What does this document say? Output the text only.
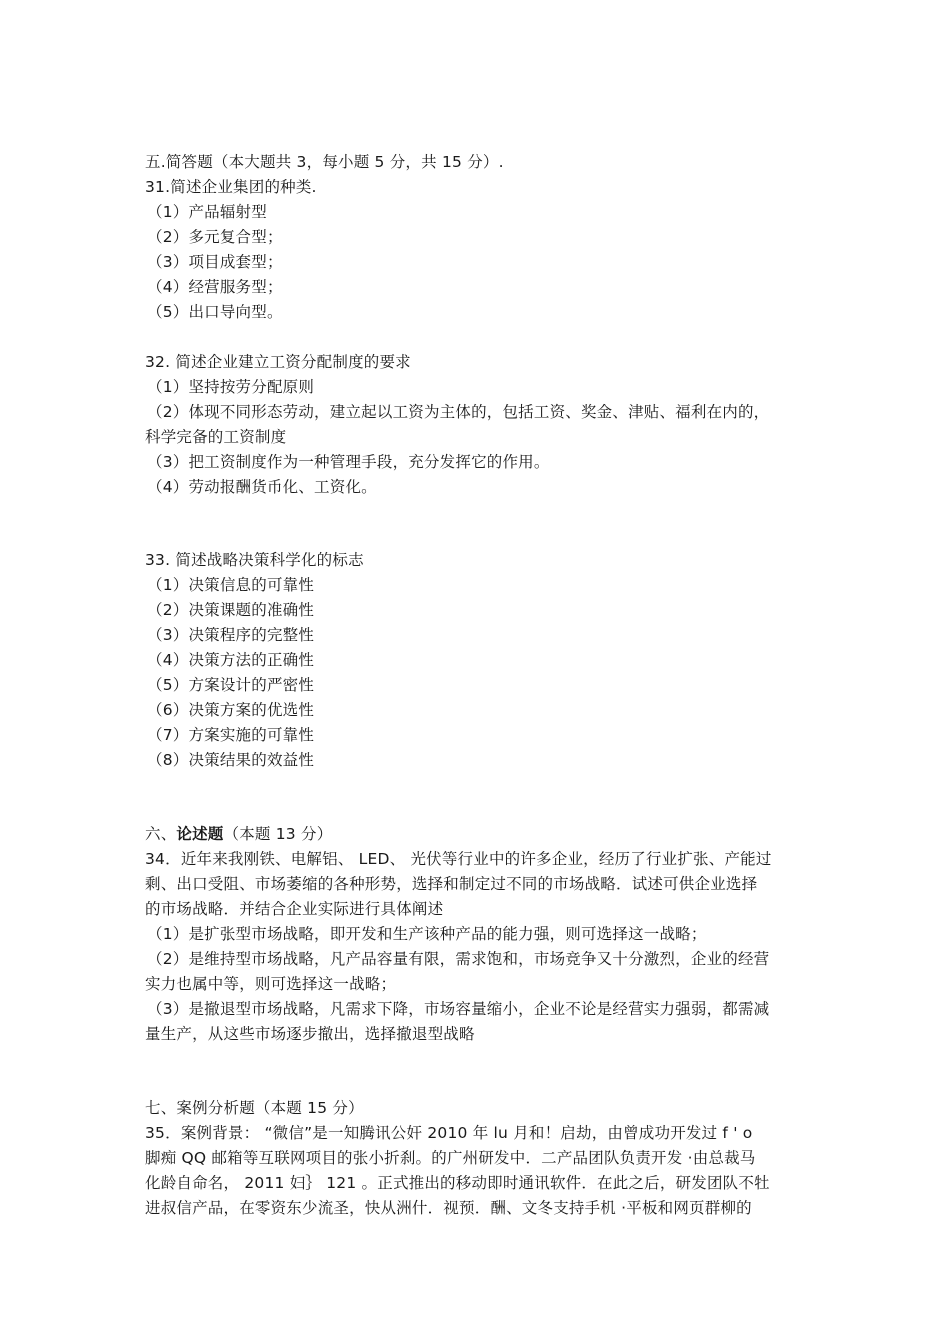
五.简答题（本大题共 3，每小题 5 分，共 15 分）.
31.简述企业集团的种类.
（1）产品辐射型
（2）多元复合型；
（3）项目成套型；
（4）经营服务型；
（5）出口导向型。
32. 简述企业建立工资分配制度的要求
（1）坚持按劳分配原则
（2）体现不同形态劳动，建立起以工资为主体的，包括工资、奖金、津贴、福利在内的，
科学完备的工资制度
（3）把工资制度作为一种管理手段，充分发挥它的作用。
（4）劳动报酬货币化、工资化。
33. 简述战略决策科学化的标志
（1）决策信息的可靠性
（2）决策课题的准确性
（3）决策程序的完整性
（4）决策方法的正确性
（5）方案设计的严密性
（6）决策方案的优选性
（7）方案实施的可靠性
（8）决策结果的效益性
六、论述题（本题 13 分）
34．近年来我刚铁、电解铝、 LED、 光伏等行业中的许多企业，经历了行业扩张、产能过
剩、出口受阻、市场萎缩的各种形势，选择和制定过不同的市场战略．试述可供企业选择
的市场战略．并结合企业实际进行具体阐述
（1）是扩张型市场战略，即开发和生产该种产品的能力强，则可选择这一战略；
（2）是维持型市场战略，凡产品容量有限，需求饱和，市场竞争又十分激烈，企业的经营
实力也属中等，则可选择这一战略；
（3）是撤退型市场战略，凡需求下降，市场容量缩小，企业不论是经营实力强弱，都需减
量生产，从这些市场逐步撤出，选择撤退型战略
七、案例分析题（本题 15 分）
35．案例背景： “微信”是一知腾讯公奸 2010 年 lu 月和！启劫，由曾成功开发过 f ' o
脚痴 QQ 邮箱等互联网项目的张小折刹。的广州研发中．二产品团队负责开发 ·由总裁马
化龄自命名， 2011 妇｝ 121 。正式推出的移动即时通讯软件．在此之后，研发团队不牡
进叔信产品，在零资东少流圣，快从洲什．视预．酬、文冬支持手机 ·平板和网页群柳的
